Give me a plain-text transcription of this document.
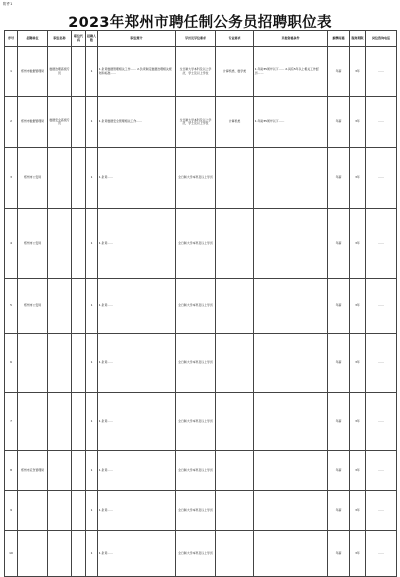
附件1
2023年郑州市聘任制公务员招聘职位表
序号	招聘单位	职位名称	职位代码	招聘人数	职位简介	学历及学位要求	专业要求	其他资格条件	薪酬待遇	服务期限	岗位咨询电话
1	郑州市数据管理局	数据治理高级专员		1	1.负责数据管理相关工作…… 2.负责制定数据治理相关规划和标准……	全日制大学本科及以上学历，学士及以上学位	计算机类、数学类	1.年龄35周岁以下…… 2.具有5年以上相关工作经历……	年薪	3年	……
2	郑州市数据管理局	数据安全高级专员		1	1.负责数据安全管理相关工作……	全日制大学本科及以上学历，学士及以上学位	计算机类	1.年龄35周岁以下……	年薪	3年	……
3	郑州市公安局			1	1.负责……	全日制大学本科及以上学历			年薪	3年	……
4	郑州市公安局			1	1.负责……	全日制大学本科及以上学历			年薪	3年	……
5	郑州市公安局			1	1.负责……	全日制大学本科及以上学历			年薪	3年	……
6				1	1.负责……	全日制大学本科及以上学历			年薪	3年	……
7				1	1.负责……	全日制大学本科及以上学历			年薪	3年	……
8	郑州市应急管理局			1	1.负责……	全日制大学本科及以上学历			年薪	3年	……
9				1	1.负责……	全日制大学本科及以上学历			年薪	3年	……
10				1	1.负责……	全日制大学本科及以上学历			年薪	3年	……
